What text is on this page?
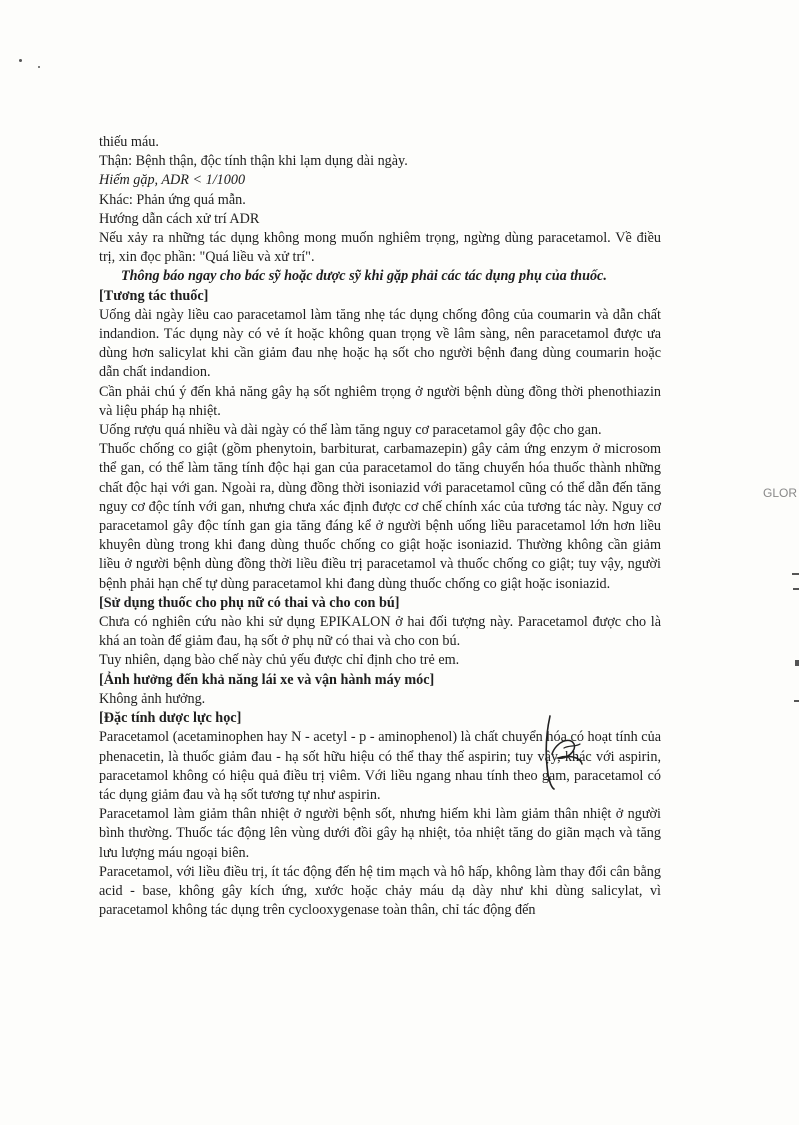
GLOR

thiếu máu.

Thận: Bệnh thận, độc tính thận khi lạm dụng dài ngày.

Hiếm gặp, ADR < 1/1000

Khác: Phản ứng quá mẫn.

Hướng dẫn cách xử trí ADR

Nếu xảy ra những tác dụng không mong muốn nghiêm trọng, ngừng dùng paracetamol. Về điều trị, xin đọc phần: "Quá liều và xử trí".

Thông báo ngay cho bác sỹ hoặc dược sỹ khi gặp phải các tác dụng phụ của thuốc.

[Tương tác thuốc]

Uống dài ngày liều cao paracetamol làm tăng nhẹ tác dụng chống đông của coumarin và dẫn chất indandion. Tác dụng này có vẻ ít hoặc không quan trọng về lâm sàng, nên paracetamol được ưa dùng hơn salicylat khi cần giảm đau nhẹ hoặc hạ sốt cho người bệnh đang dùng coumarin hoặc dẫn chất indandion.

Cần phải chú ý đến khả năng gây hạ sốt nghiêm trọng ở người bệnh dùng đồng thời phenothiazin và liệu pháp hạ nhiệt.

Uống rượu quá nhiều và dài ngày có thể làm tăng nguy cơ paracetamol gây độc cho gan.

Thuốc chống co giật (gồm phenytoin, barbiturat, carbamazepin) gây cảm ứng enzym ở microsom thể gan, có thể làm tăng tính độc hại gan của paracetamol do tăng chuyển hóa thuốc thành những chất độc hại với gan. Ngoài ra, dùng đồng thời isoniazid với paracetamol cũng có thể dẫn đến tăng nguy cơ độc tính với gan, nhưng chưa xác định được cơ chế chính xác của tương tác này. Nguy cơ paracetamol gây độc tính gan gia tăng đáng kể ở người bệnh uống liều paracetamol lớn hơn liều khuyên dùng trong khi đang dùng thuốc chống co giật hoặc isoniazid. Thường không cần giảm liều ở người bệnh dùng đồng thời liều điều trị paracetamol và thuốc chống co giật; tuy vậy, người bệnh phải hạn chế tự dùng paracetamol khi đang dùng thuốc chống co giật hoặc isoniazid.

[Sử dụng thuốc cho phụ nữ có thai và cho con bú]

Chưa có nghiên cứu nào khi sử dụng EPIKALON ở hai đối tượng này. Paracetamol được cho là khá an toàn để giảm đau, hạ sốt ở phụ nữ có thai và cho con bú.

Tuy nhiên, dạng bào chế này chủ yếu được chỉ định cho trẻ em.

[Ảnh hưởng đến khả năng lái xe và vận hành máy móc]

Không ảnh hưởng.

[Đặc tính dược lực học]

Paracetamol (acetaminophen hay N - acetyl - p - aminophenol) là chất chuyển hóa có hoạt tính của phenacetin, là thuốc giảm đau - hạ sốt hữu hiệu có thể thay thế aspirin; tuy vậy, khác với aspirin, paracetamol không có hiệu quả điều trị viêm. Với liều ngang nhau tính theo gam, paracetamol có tác dụng giảm đau và hạ sốt tương tự như aspirin.

Paracetamol làm giảm thân nhiệt ở người bệnh sốt, nhưng hiếm khi làm giảm thân nhiệt ở người bình thường. Thuốc tác động lên vùng dưới đồi gây hạ nhiệt, tỏa nhiệt tăng do giãn mạch và tăng lưu lượng máu ngoại biên.

Paracetamol, với liều điều trị, ít tác động đến hệ tim mạch và hô hấp, không làm thay đổi cân bằng acid - base, không gây kích ứng, xước hoặc chảy máu dạ dày như khi dùng salicylat, vì paracetamol không tác dụng trên cyclooxygenase toàn thân, chỉ tác động đến
